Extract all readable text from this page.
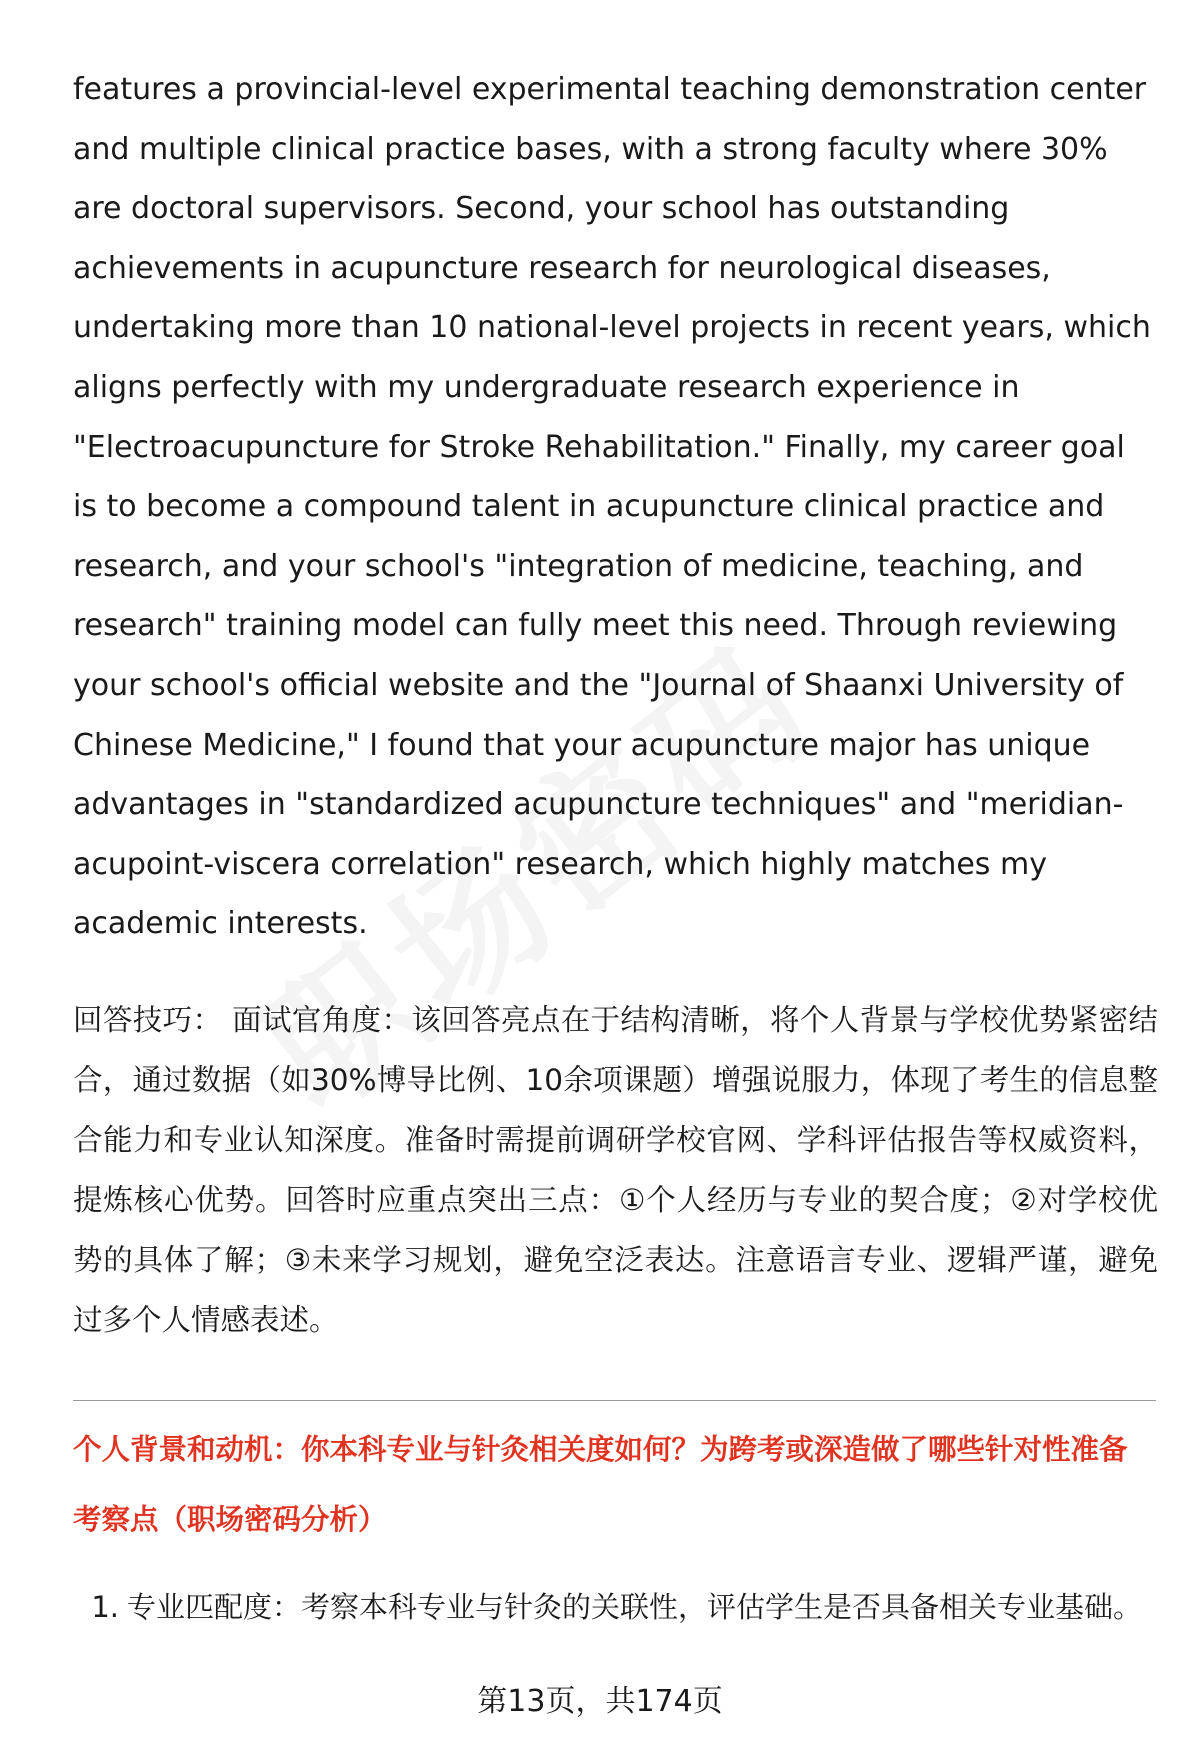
features a provincial-level experimental teaching demonstration center and multiple clinical practice bases, with a strong faculty where 30% are doctoral supervisors. Second, your school has outstanding achievements in acupuncture research for neurological diseases, undertaking more than 10 national-level projects in recent years, which aligns perfectly with my undergraduate research experience in "Electroacupuncture for Stroke Rehabilitation." Finally, my career goal is to become a compound talent in acupuncture clinical practice and research, and your school's "integration of medicine, teaching, and research" training model can fully meet this need. Through reviewing your school's official website and the "Journal of Shaanxi University of Chinese Medicine," I found that your acupuncture major has unique advantages in "standardized acupuncture techniques" and "meridian-acupoint-viscera correlation" research, which highly matches my academic interests.

回答技巧： 面试官角度：该回答亮点在于结构清晰，将个人背景与学校优势紧密结合，通过数据（如30%博导比例、10余项课题）增强说服力，体现了考生的信息整合能力和专业认知深度。准备时需提前调研学校官网、学科评估报告等权威资料，提炼核心优势。回答时应重点突出三点：①个人经历与专业的契合度；②对学校优势的具体了解；③未来学习规划，避免空泛表达。注意语言专业、逻辑严谨，避免过多个人情感表述。

个人背景和动机：你本科专业与针灸相关度如何？为跨考或深造做了哪些针对性准备
考察点（职场密码分析）
1. 专业匹配度：考察本科专业与针灸的关联性，评估学生是否具备相关专业基础。
第13页，共174页
